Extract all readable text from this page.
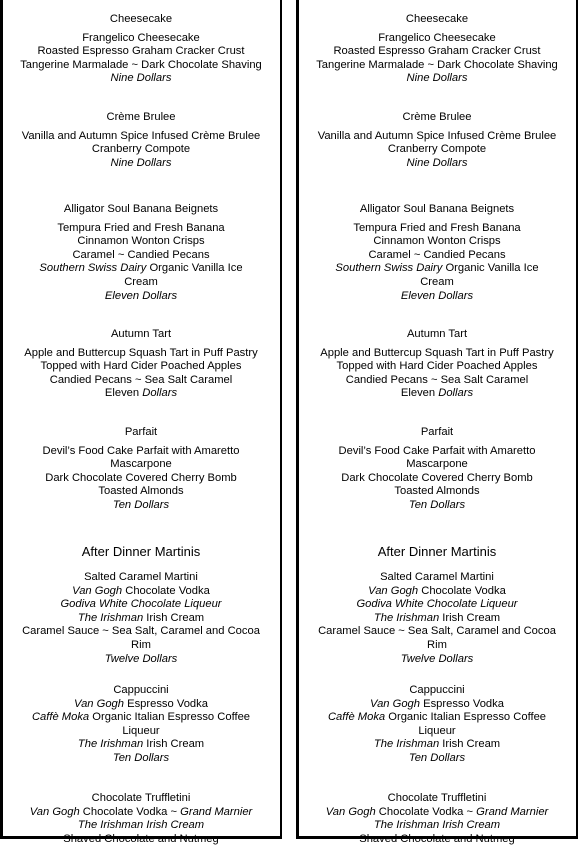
Cheesecake
Frangelico Cheesecake
Roasted Espresso Graham Cracker Crust
Tangerine Marmalade ~ Dark Chocolate Shaving
Nine Dollars
Crème Brulee
Vanilla and Autumn Spice Infused Crème Brulee
Cranberry Compote
Nine Dollars
Alligator Soul Banana Beignets
Tempura Fried and Fresh Banana
Cinnamon Wonton Crisps
Caramel ~ Candied Pecans
Southern Swiss Dairy Organic Vanilla Ice
Cream
Eleven Dollars
Autumn Tart
Apple and Buttercup Squash Tart in Puff Pastry
Topped with Hard Cider Poached Apples
Candied Pecans ~ Sea Salt Caramel
Eleven Dollars
Parfait
Devil’s Food Cake Parfait with Amaretto
Mascarpone
Dark Chocolate Covered Cherry Bomb
Toasted Almonds
Ten Dollars
After Dinner Martinis
Salted Caramel Martini
Van Gogh Chocolate Vodka
Godiva White Chocolate Liqueur
The Irishman Irish Cream
Caramel Sauce ~ Sea Salt, Caramel and Cocoa
Rim
Twelve Dollars
Cappuccini
Van Gogh Espresso Vodka
Caffè Moka Organic Italian Espresso Coffee
Liqueur
The Irishman Irish Cream
Ten Dollars
Chocolate Truffletini
Van Gogh Chocolate Vodka ~ Grand Marnier
The Irishman Irish Cream
Shaved Chocolate and Nutmeg
Cheesecake
Frangelico Cheesecake
Roasted Espresso Graham Cracker Crust
Tangerine Marmalade ~ Dark Chocolate Shaving
Nine Dollars
Crème Brulee
Vanilla and Autumn Spice Infused Crème Brulee
Cranberry Compote
Nine Dollars
Alligator Soul Banana Beignets
Tempura Fried and Fresh Banana
Cinnamon Wonton Crisps
Caramel ~ Candied Pecans
Southern Swiss Dairy Organic Vanilla Ice
Cream
Eleven Dollars
Autumn Tart
Apple and Buttercup Squash Tart in Puff Pastry
Topped with Hard Cider Poached Apples
Candied Pecans ~ Sea Salt Caramel
Eleven Dollars
Parfait
Devil’s Food Cake Parfait with Amaretto
Mascarpone
Dark Chocolate Covered Cherry Bomb
Toasted Almonds
Ten Dollars
After Dinner Martinis
Salted Caramel Martini
Van Gogh Chocolate Vodka
Godiva White Chocolate Liqueur
The Irishman Irish Cream
Caramel Sauce ~ Sea Salt, Caramel and Cocoa
Rim
Twelve Dollars
Cappuccini
Van Gogh Espresso Vodka
Caffè Moka Organic Italian Espresso Coffee
Liqueur
The Irishman Irish Cream
Ten Dollars
Chocolate Truffletini
Van Gogh Chocolate Vodka ~ Grand Marnier
The Irishman Irish Cream
Shaved Chocolate and Nutmeg
